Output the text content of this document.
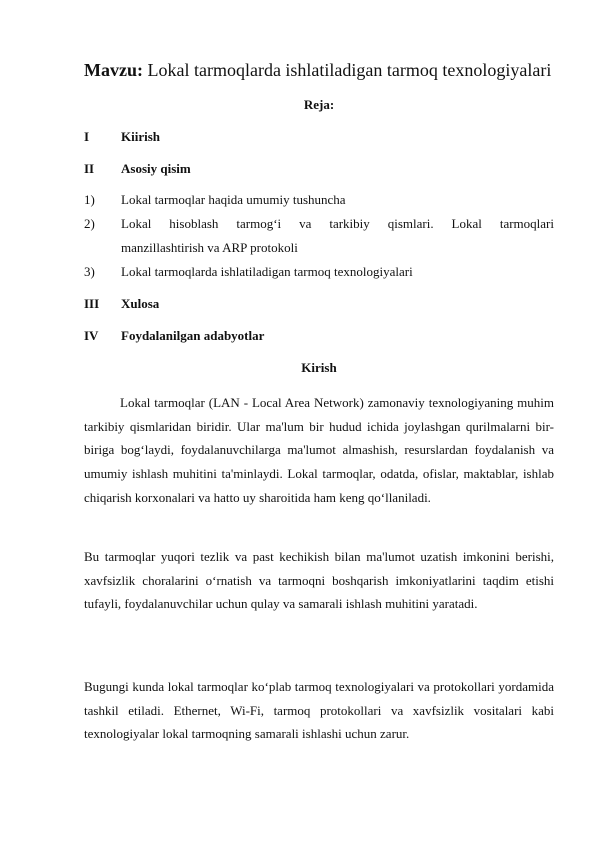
Mavzu: Lokal tarmoqlarda ishlatiladigan tarmoq texnologiyalari
Reja:
I Kiirish
II Asosiy qisim
1) Lokal tarmoqlar haqida umumiy tushuncha
2) Lokal hisoblash tarmog‘i va tarkibiy qismlari. Lokal tarmoqlari
manzillashtirish va ARP protokoli
3) Lokal tarmoqlarda ishlatiladigan tarmoq texnologiyalari
III Xulosa
IV Foydalanilgan adabyotlar
Kirish

Lokal tarmoqlar (LAN - Local Area Network) zamonaviy texnologiyaning muhim tarkibiy qismlaridan biridir. Ular ma'lum bir hudud ichida joylashgan qurilmalarni bir-biriga bog‘laydi, foydalanuvchilarga ma'lumot almashish, resurslardan foydalanish va umumiy ishlash muhitini ta'minlaydi. Lokal tarmoqlar, odatda, ofislar, maktablar, ishlab chiqarish korxonalari va hatto uy sharoitida ham keng qo‘llaniladi.

Bu tarmoqlar yuqori tezlik va past kechikish bilan ma'lumot uzatish imkonini berishi, xavfsizlik choralarini o‘rnatish va tarmoqni boshqarish imkoniyatlarini taqdim etishi tufayli, foydalanuvchilar uchun qulay va samarali ishlash muhitini yaratadi.

Bugungi kunda lokal tarmoqlar ko‘plab tarmoq texnologiyalari va protokollari yordamida tashkil etiladi. Ethernet, Wi-Fi, tarmoq protokollari va xavfsizlik vositalari kabi texnologiyalar lokal tarmoqning samarali ishlashi uchun zarur.
